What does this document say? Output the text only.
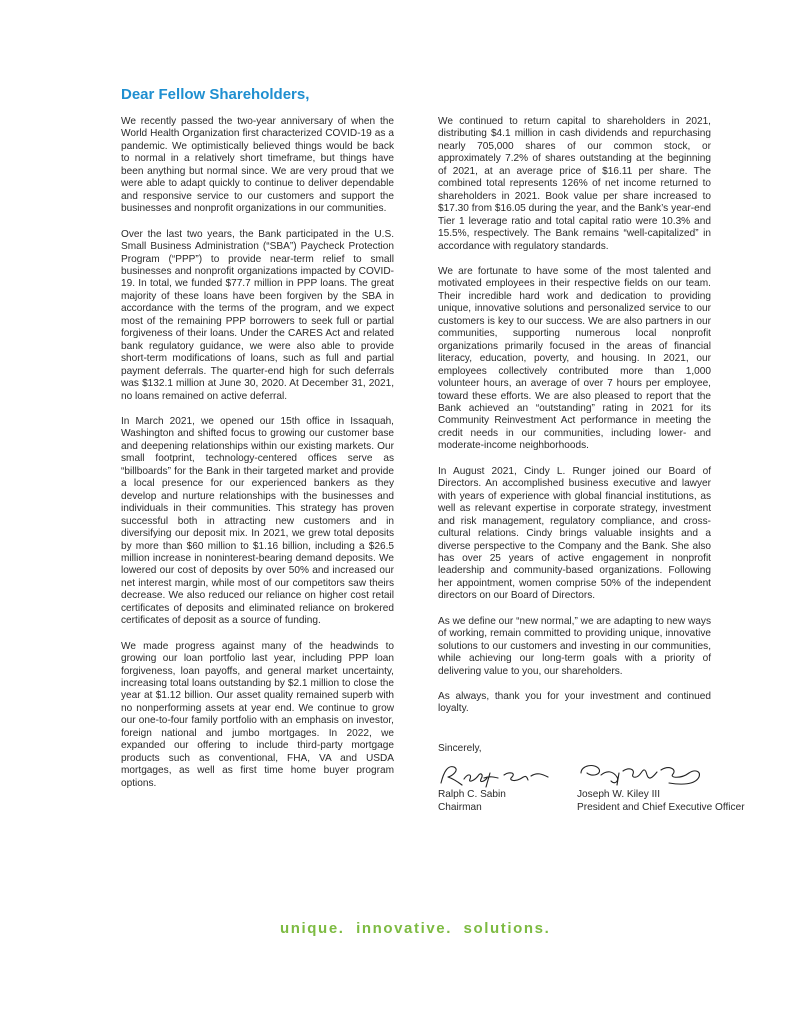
Dear Fellow Shareholders,

We recently passed the two-year anniversary of when the World Health Organization first characterized COVID-19 as a pandemic. We optimistically believed things would be back to normal in a relatively short timeframe, but things have been anything but normal since. We are very proud that we were able to adapt quickly to continue to deliver dependable and responsive service to our customers and support the businesses and nonprofit organizations in our communities.

Over the last two years, the Bank participated in the U.S. Small Business Administration (“SBA”) Paycheck Protection Program (“PPP”) to provide near-term relief to small businesses and nonprofit organizations impacted by COVID-19. In total, we funded $77.7 million in PPP loans. The great majority of these loans have been forgiven by the SBA in accordance with the terms of the program, and we expect most of the remaining PPP borrowers to seek full or partial forgiveness of their loans. Under the CARES Act and related bank regulatory guidance, we were also able to provide short-term modifications of loans, such as full and partial payment deferrals. The quarter-end high for such deferrals was $132.1 million at June 30, 2020. At December 31, 2021, no loans remained on active deferral.

In March 2021, we opened our 15th office in Issaquah, Washington and shifted focus to growing our customer base and deepening relationships within our existing markets. Our small footprint, technology-centered offices serve as “billboards” for the Bank in their targeted market and provide a local presence for our experienced bankers as they develop and nurture relationships with the businesses and individuals in their communities. This strategy has proven successful both in attracting new customers and in diversifying our deposit mix. In 2021, we grew total deposits by more than $60 million to $1.16 billion, including a $26.5 million increase in noninterest-bearing demand deposits. We lowered our cost of deposits by over 50% and increased our net interest margin, while most of our competitors saw theirs decrease. We also reduced our reliance on higher cost retail certificates of deposits and eliminated reliance on brokered certificates of deposit as a source of funding.

We made progress against many of the headwinds to growing our loan portfolio last year, including PPP loan forgiveness, loan payoffs, and general market uncertainty, increasing total loans outstanding by $2.1 million to close the year at $1.12 billion. Our asset quality remained superb with no nonperforming assets at year end. We continue to grow our one-to-four family portfolio with an emphasis on investor, foreign national and jumbo mortgages. In 2022, we expanded our offering to include third-party mortgage products such as conventional, FHA, VA and USDA mortgages, as well as first time home buyer program options.

We continued to return capital to shareholders in 2021, distributing $4.1 million in cash dividends and repurchasing nearly 705,000 shares of our common stock, or approximately 7.2% of shares outstanding at the beginning of 2021, at an average price of $16.11 per share. The combined total represents 126% of net income returned to shareholders in 2021. Book value per share increased to $17.30 from $16.05 during the year, and the Bank’s year-end Tier 1 leverage ratio and total capital ratio were 10.3% and 15.5%, respectively. The Bank remains “well-capitalized” in accordance with regulatory standards.

We are fortunate to have some of the most talented and motivated employees in their respective fields on our team. Their incredible hard work and dedication to providing unique, innovative solutions and personalized service to our customers is key to our success. We are also partners in our communities, supporting numerous local nonprofit organizations primarily focused in the areas of financial literacy, education, poverty, and housing. In 2021, our employees collectively contributed more than 1,000 volunteer hours, an average of over 7 hours per employee, toward these efforts. We are also pleased to report that the Bank achieved an “outstanding” rating in 2021 for its Community Reinvestment Act performance in meeting the credit needs in our communities, including lower- and moderate-income neighborhoods.

In August 2021, Cindy L. Runger joined our Board of Directors. An accomplished business executive and lawyer with years of experience with global financial institutions, as well as relevant expertise in corporate strategy, investment and risk management, regulatory compliance, and cross-cultural relations. Cindy brings valuable insights and a diverse perspective to the Company and the Bank. She also has over 25 years of active engagement in nonprofit leadership and community-based organizations. Following her appointment, women comprise 50% of the independent directors on our Board of Directors.

As we define our “new normal,” we are adapting to new ways of working, remain committed to providing unique, innovative solutions to our customers and investing in our communities, while achieving our long-term goals with a priority of delivering value to you, our shareholders.

As always, thank you for your investment and continued loyalty.

Sincerely,

Ralph C. Sabin
Chairman
Joseph W. Kiley III
President and Chief Executive Officer
unique.  innovative.  solutions.
